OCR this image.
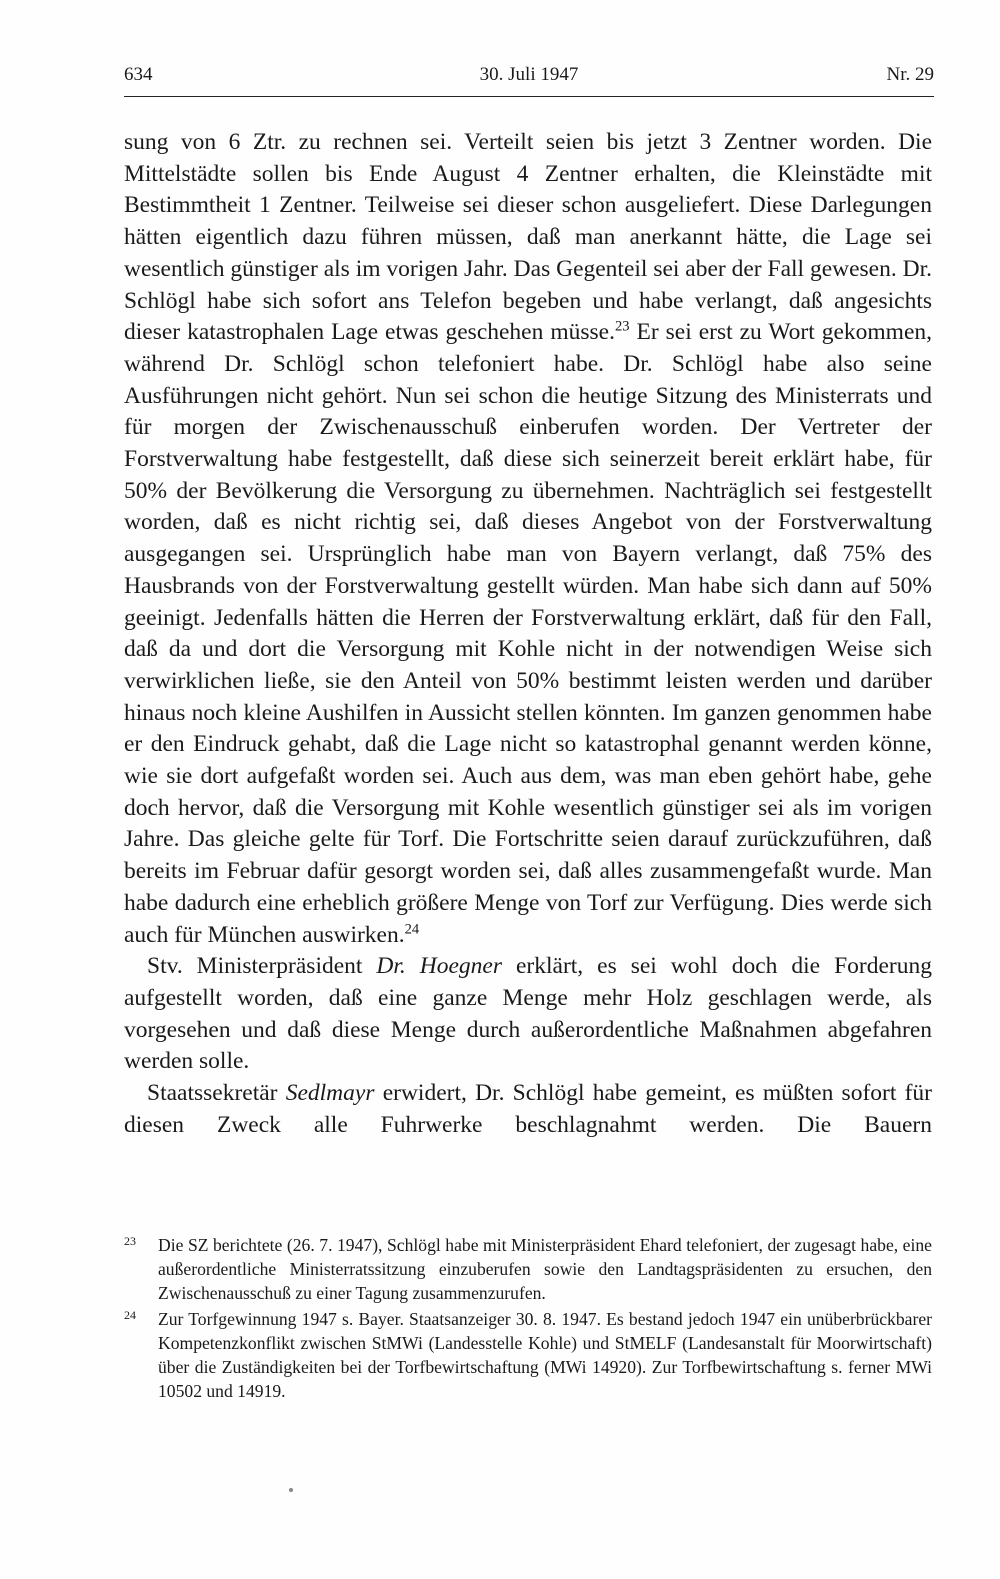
634	30. Juli 1947	Nr. 29

sung von 6 Ztr. zu rechnen sei. Verteilt seien bis jetzt 3 Zentner worden. Die Mittelstädte sollen bis Ende August 4 Zentner erhalten, die Kleinstädte mit Bestimmtheit 1 Zentner. Teilweise sei dieser schon ausgeliefert. Diese Darlegungen hätten eigentlich dazu führen müssen, daß man anerkannt hätte, die Lage sei wesentlich günstiger als im vorigen Jahr. Das Gegenteil sei aber der Fall gewesen. Dr. Schlögl habe sich sofort ans Telefon begeben und habe verlangt, daß angesichts dieser katastrophalen Lage etwas geschehen müsse.$^{23}$ Er sei erst zu Wort gekommen, während Dr. Schlögl schon telefoniert habe. Dr. Schlögl habe also seine Ausführungen nicht gehört. Nun sei schon die heutige Sitzung des Ministerrats und für morgen der Zwischenausschuß einberufen worden. Der Vertreter der Forstverwaltung habe festgestellt, daß diese sich seinerzeit bereit erklärt habe, für 50% der Bevölkerung die Versorgung zu übernehmen. Nachträglich sei festgestellt worden, daß es nicht richtig sei, daß dieses Angebot von der Forstverwaltung ausgegangen sei. Ursprünglich habe man von Bayern verlangt, daß 75% des Hausbrands von der Forstverwaltung gestellt würden. Man habe sich dann auf 50% geeinigt. Jedenfalls hätten die Herren der Forstverwaltung erklärt, daß für den Fall, daß da und dort die Versorgung mit Kohle nicht in der notwendigen Weise sich verwirklichen ließe, sie den Anteil von 50% bestimmt leisten werden und darüber hinaus noch kleine Aushilfen in Aussicht stellen könnten. Im ganzen genommen habe er den Eindruck gehabt, daß die Lage nicht so katastrophal genannt werden könne, wie sie dort aufgefaßt worden sei. Auch aus dem, was man eben gehört habe, gehe doch hervor, daß die Versorgung mit Kohle wesentlich günstiger sei als im vorigen Jahre. Das gleiche gelte für Torf. Die Fortschritte seien darauf zurückzuführen, daß bereits im Februar dafür gesorgt worden sei, daß alles zusammengefaßt wurde. Man habe dadurch eine erheblich größere Menge von Torf zur Verfügung. Dies werde sich auch für München auswirken.$^{24}$

Stv. Ministerpräsident Dr. Hoegner erklärt, es sei wohl doch die Forderung aufgestellt worden, daß eine ganze Menge mehr Holz geschlagen werde, als vorgesehen und daß diese Menge durch außerordentliche Maßnahmen abgefahren werden solle.

Staatssekretär Sedlmayr erwidert, Dr. Schlögl habe gemeint, es müßten sofort für diesen Zweck alle Fuhrwerke beschlagnahmt werden. Die Bauern

23 Die SZ berichtete (26. 7. 1947), Schlögl habe mit Ministerpräsident Ehard telefoniert, der zugesagt habe, eine außerordentliche Ministerratssitzung einzuberufen sowie den Landtagspräsidenten zu ersuchen, den Zwischenausschuß zu einer Tagung zusammenzurufen.
24 Zur Torfgewinnung 1947 s. Bayer. Staatsanzeiger 30. 8. 1947. Es bestand jedoch 1947 ein unüberbrückbarer Kompetenzkonflikt zwischen StMWi (Landesstelle Kohle) und StMELF (Landesanstalt für Moorwirtschaft) über die Zuständigkeiten bei der Torfbewirtschaftung (MWi 14920). Zur Torfbewirtschaftung s. ferner MWi 10502 und 14919.
